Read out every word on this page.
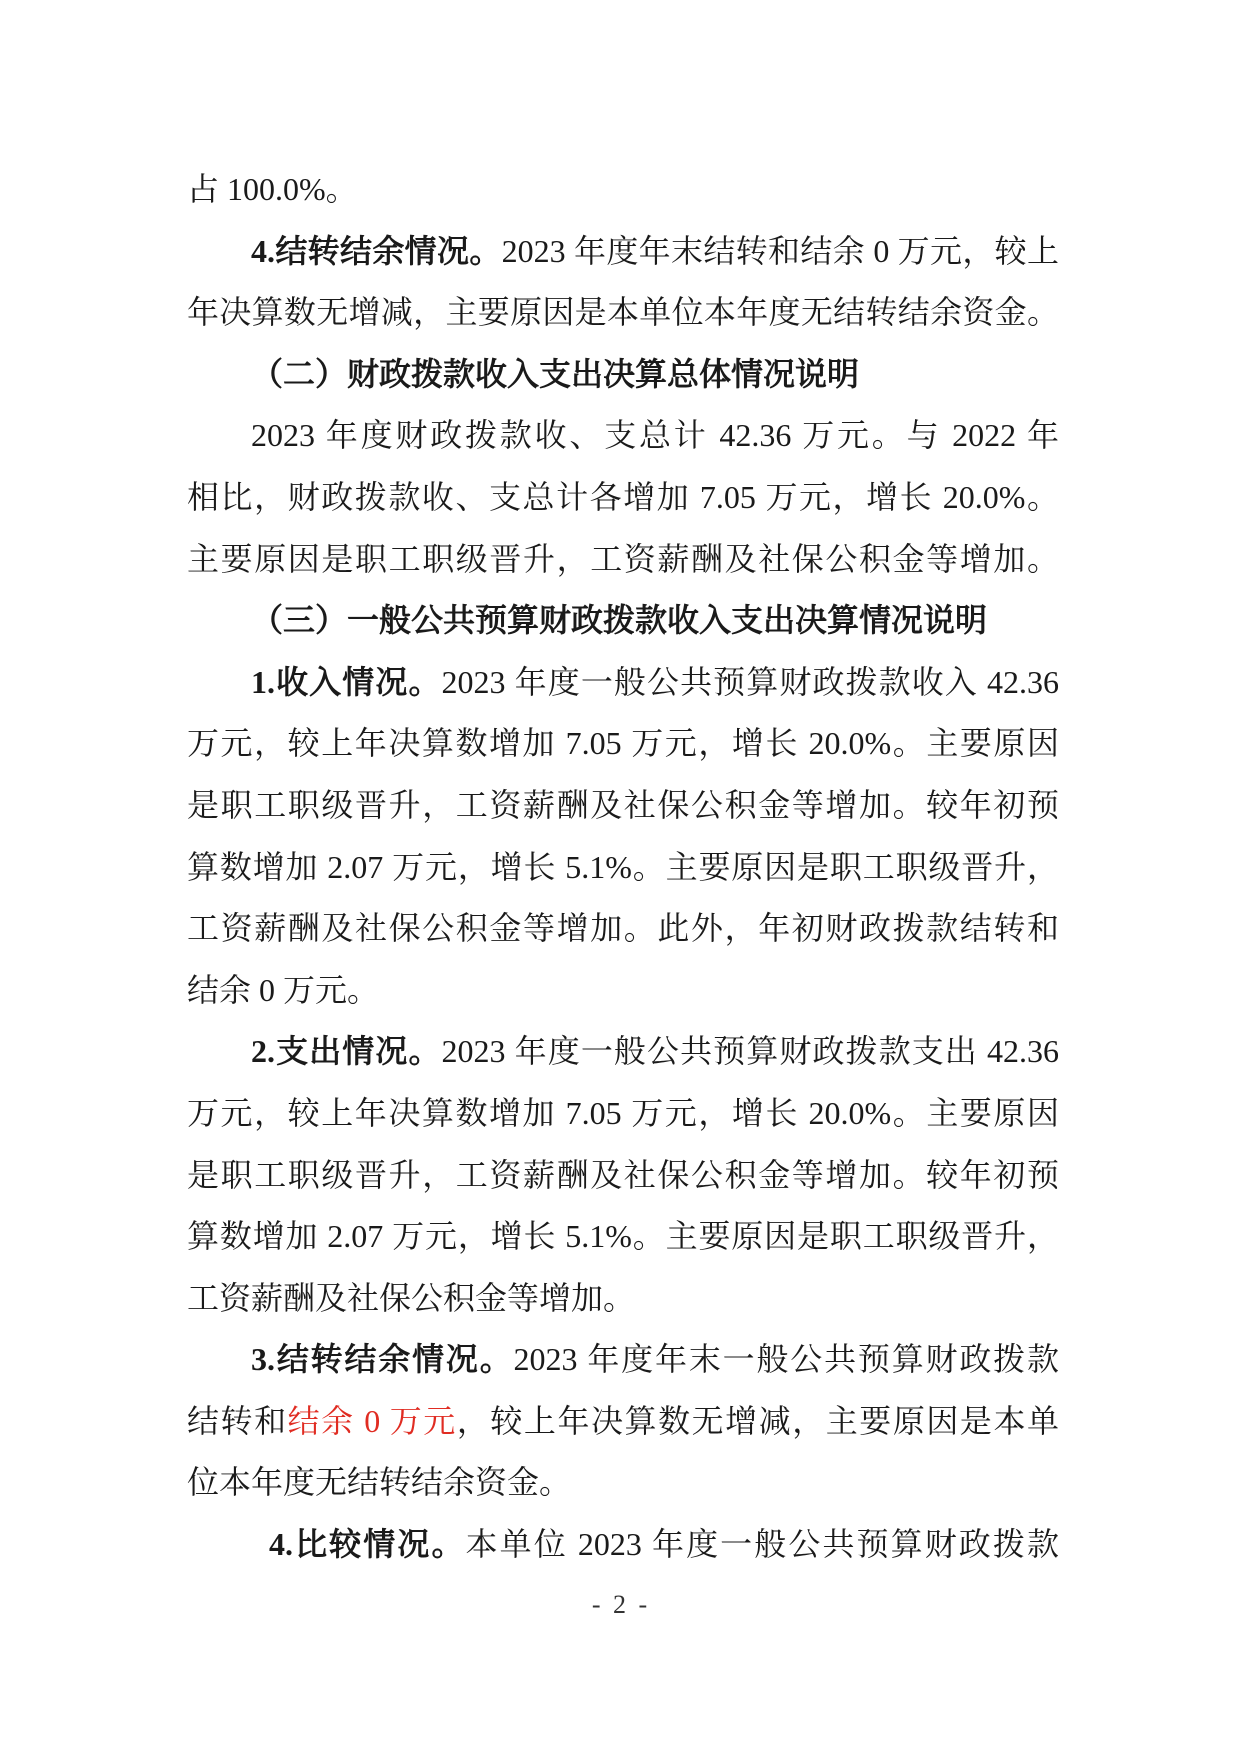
占 100.0%。
4.结转结余情况。2023 年度年末结转和结余 0 万元，较上
年决算数无增减，主要原因是本单位本年度无结转结余资金。
（二）财政拨款收入支出决算总体情况说明
2023 年度财政拨款收、支总计 42.36 万元。与 2022 年
相比，财政拨款收、支总计各增加 7.05 万元，增长 20.0%。
主要原因是职工职级晋升，工资薪酬及社保公积金等增加。
（三）一般公共预算财政拨款收入支出决算情况说明
1.收入情况。2023 年度一般公共预算财政拨款收入 42.36
万元，较上年决算数增加 7.05 万元，增长 20.0%。主要原因
是职工职级晋升，工资薪酬及社保公积金等增加。较年初预
算数增加 2.07 万元，增长 5.1%。主要原因是职工职级晋升，
工资薪酬及社保公积金等增加。此外，年初财政拨款结转和
结余 0 万元。
2.支出情况。2023 年度一般公共预算财政拨款支出 42.36
万元，较上年决算数增加 7.05 万元，增长 20.0%。主要原因
是职工职级晋升，工资薪酬及社保公积金等增加。较年初预
算数增加 2.07 万元，增长 5.1%。主要原因是职工职级晋升，
工资薪酬及社保公积金等增加。
3.结转结余情况。2023 年度年末一般公共预算财政拨款
结转和结余 0 万元，较上年决算数无增减，主要原因是本单
位本年度无结转结余资金。
4.比较情况。本单位 2023 年度一般公共预算财政拨款
- 2 -
